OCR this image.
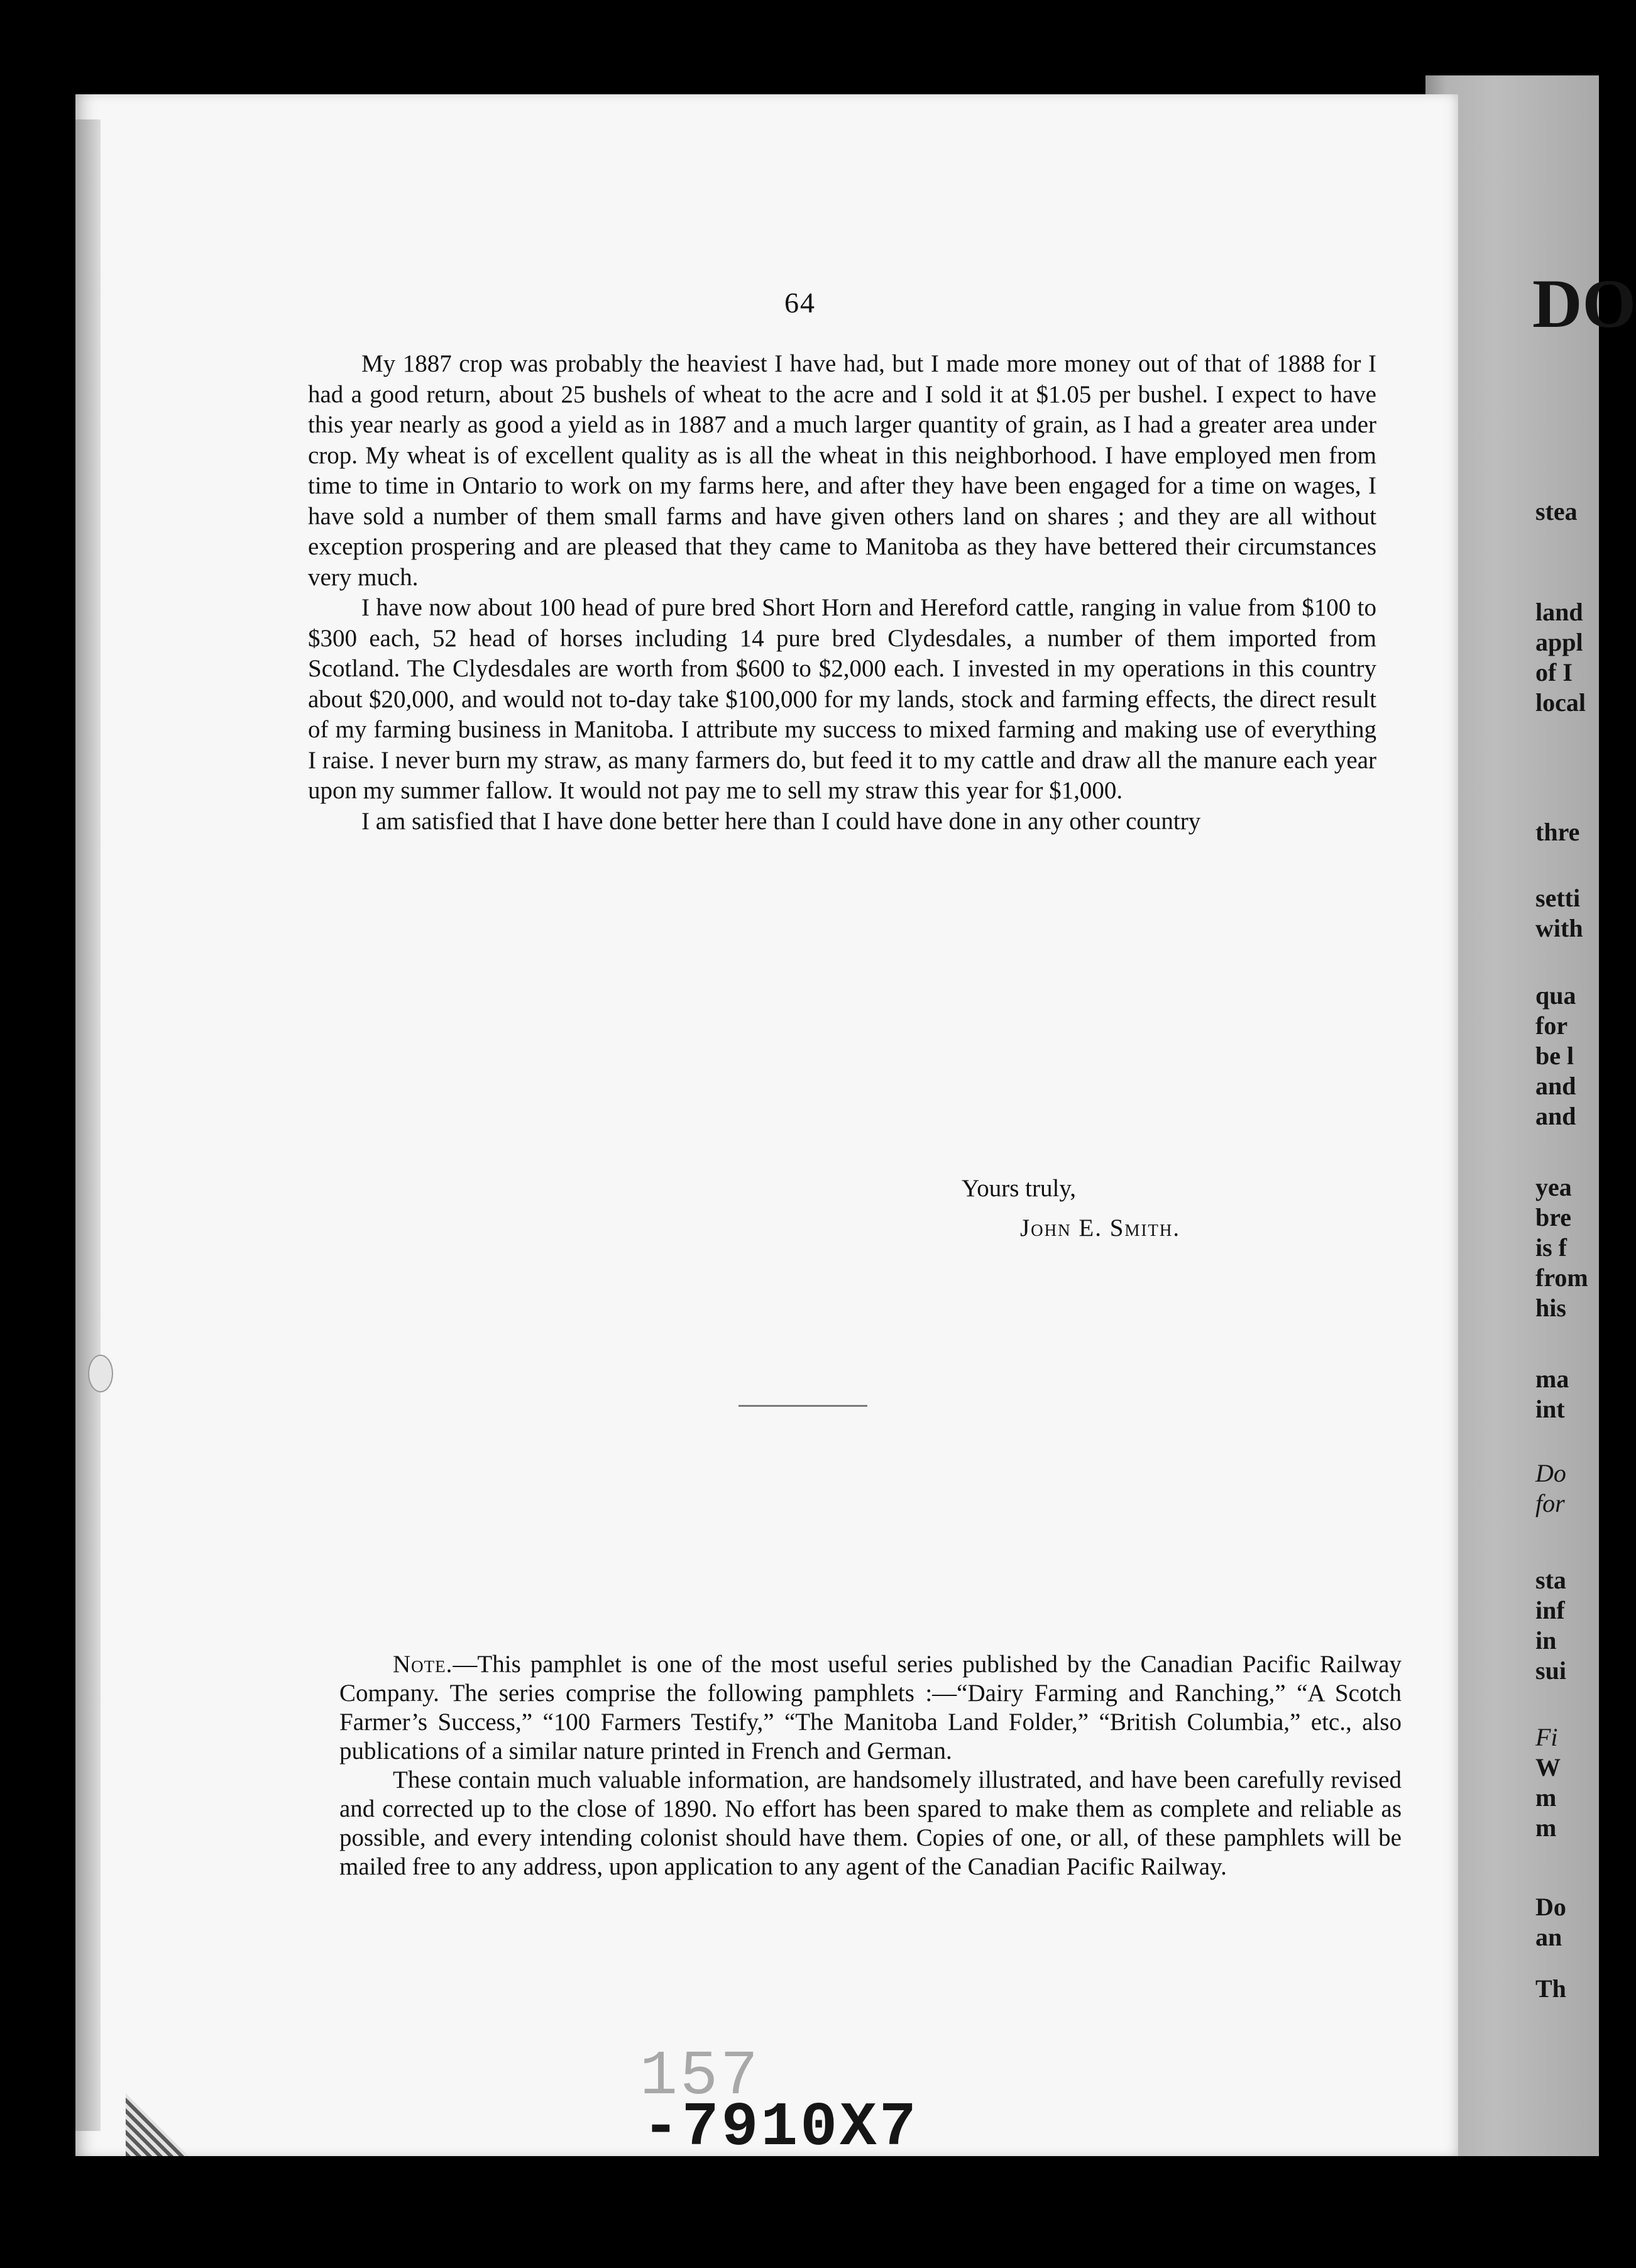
DO
stea
land
appl
of I
local
thre
setti
with
qua
for
be l
and
and
yea
bre
is f
from
his
ma
int
Do
for
sta
inf
in
sui
Fi
W
m
m
Do
an
Th
64

My 1887 crop was probably the heaviest I have had, but I made more money out of that of 1888 for I had a good return, about 25 bushels of wheat to the acre and I sold it at $1.05 per bushel. I expect to have this year nearly as good a yield as in 1887 and a much larger quantity of grain, as I had a greater area under crop. My wheat is of excellent quality as is all the wheat in this neighborhood. I have employed men from time to time in Ontario to work on my farms here, and after they have been engaged for a time on wages, I have sold a number of them small farms and have given others land on shares ; and they are all without exception prospering and are pleased that they came to Manitoba as they have bettered their circumstances very much.

I have now about 100 head of pure bred Short Horn and Hereford cattle, ranging in value from $100 to $300 each, 52 head of horses including 14 pure bred Clydesdales, a number of them imported from Scotland. The Clydesdales are worth from $600 to $2,000 each. I invested in my operations in this country about $20,000, and would not to-day take $100,000 for my lands, stock and farming effects, the direct result of my farming business in Manitoba. I attribute my success to mixed farming and making use of everything I raise. I never burn my straw, as many farmers do, but feed it to my cattle and draw all the manure each year upon my summer fallow. It would not pay me to sell my straw this year for $1,000.

I am satisfied that I have done better here than I could have done in any other country

Yours truly,
John E. Smith.

Note.—This pamphlet is one of the most useful series published by the Canadian Pacific Railway Company. The series comprise the following pamphlets :—“Dairy Farming and Ranching,” “A Scotch Farmer’s Success,” “100 Farmers Testify,” “The Manitoba Land Folder,” “British Columbia,” etc., also publications of a similar nature printed in French and German.

These contain much valuable information, are handsomely illustrated, and have been carefully revised and corrected up to the close of 1890. No effort has been spared to make them as complete and reliable as possible, and every intending colonist should have them. Copies of one, or all, of these pamphlets will be mailed free to any address, upon application to any agent of the Canadian Pacific Railway.

157
-7910X7
